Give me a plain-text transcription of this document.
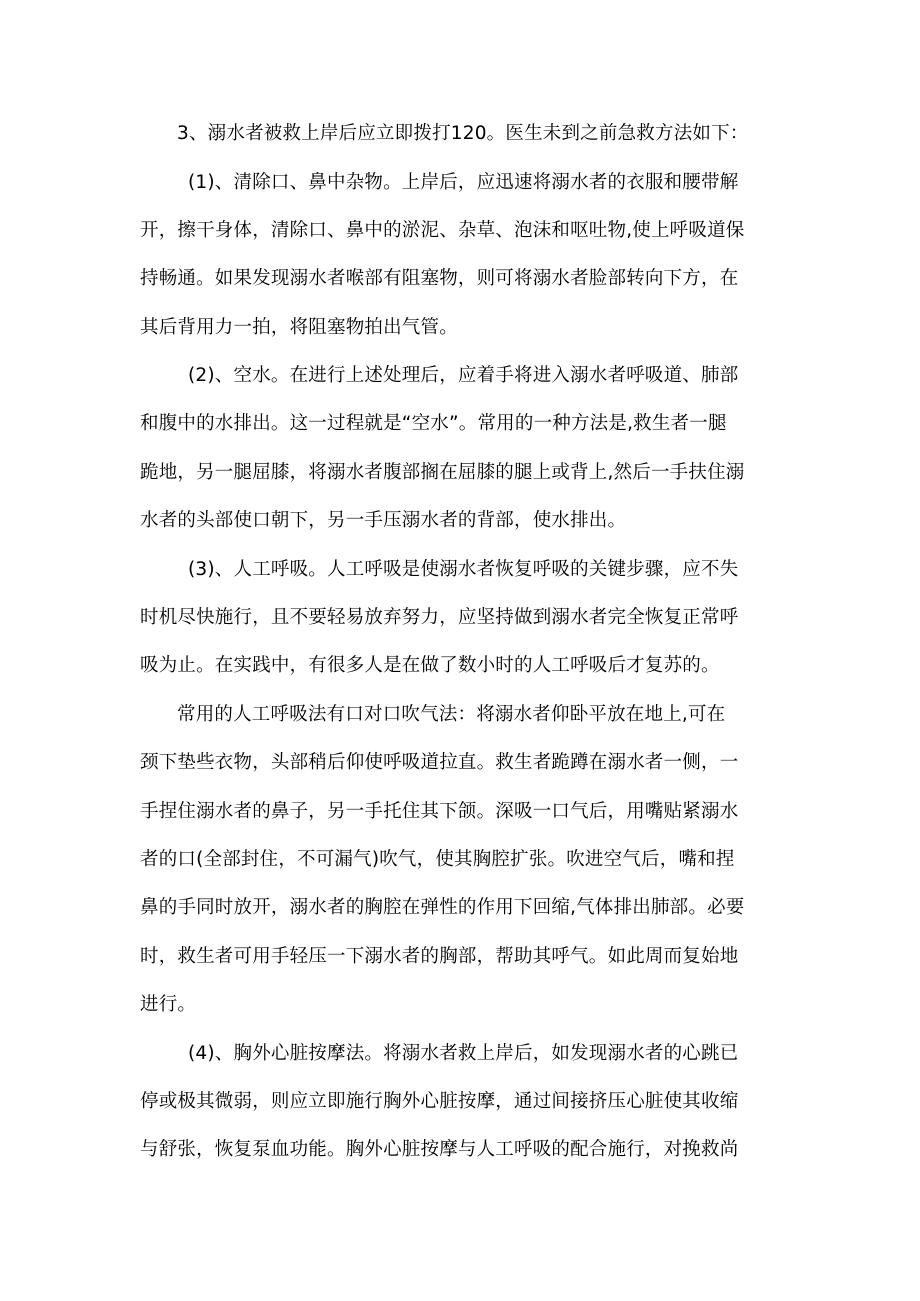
3、溺水者被救上岸后应立即拨打120。医生未到之前急救方法如下：
(1)、清除口、鼻中杂物。上岸后，应迅速将溺水者的衣服和腰带解
开，擦干身体，清除口、鼻中的淤泥、杂草、泡沫和呕吐物,使上呼吸道保
持畅通。如果发现溺水者喉部有阻塞物，则可将溺水者脸部转向下方，在
其后背用力一拍，将阻塞物拍出气管。
(2)、空水。在进行上述处理后，应着手将进入溺水者呼吸道、肺部
和腹中的水排出。这一过程就是“空水”。常用的一种方法是,救生者一腿
跪地，另一腿屈膝，将溺水者腹部搁在屈膝的腿上或背上,然后一手扶住溺
水者的头部使口朝下，另一手压溺水者的背部，使水排出。
(3)、人工呼吸。人工呼吸是使溺水者恢复呼吸的关键步骤，应不失
时机尽快施行，且不要轻易放弃努力，应坚持做到溺水者完全恢复正常呼
吸为止。在实践中，有很多人是在做了数小时的人工呼吸后才复苏的。
常用的人工呼吸法有口对口吹气法：将溺水者仰卧平放在地上,可在
颈下垫些衣物，头部稍后仰使呼吸道拉直。救生者跪蹲在溺水者一侧，一
手捏住溺水者的鼻子，另一手托住其下颌。深吸一口气后，用嘴贴紧溺水
者的口(全部封住，不可漏气)吹气，使其胸腔扩张。吹进空气后，嘴和捏
鼻的手同时放开，溺水者的胸腔在弹性的作用下回缩,气体排出肺部。必要
时，救生者可用手轻压一下溺水者的胸部，帮助其呼气。如此周而复始地
进行。
(4)、胸外心脏按摩法。将溺水者救上岸后，如发现溺水者的心跳已
停或极其微弱，则应立即施行胸外心脏按摩，通过间接挤压心脏使其收缩
与舒张，恢复泵血功能。胸外心脏按摩与人工呼吸的配合施行，对挽救尚
